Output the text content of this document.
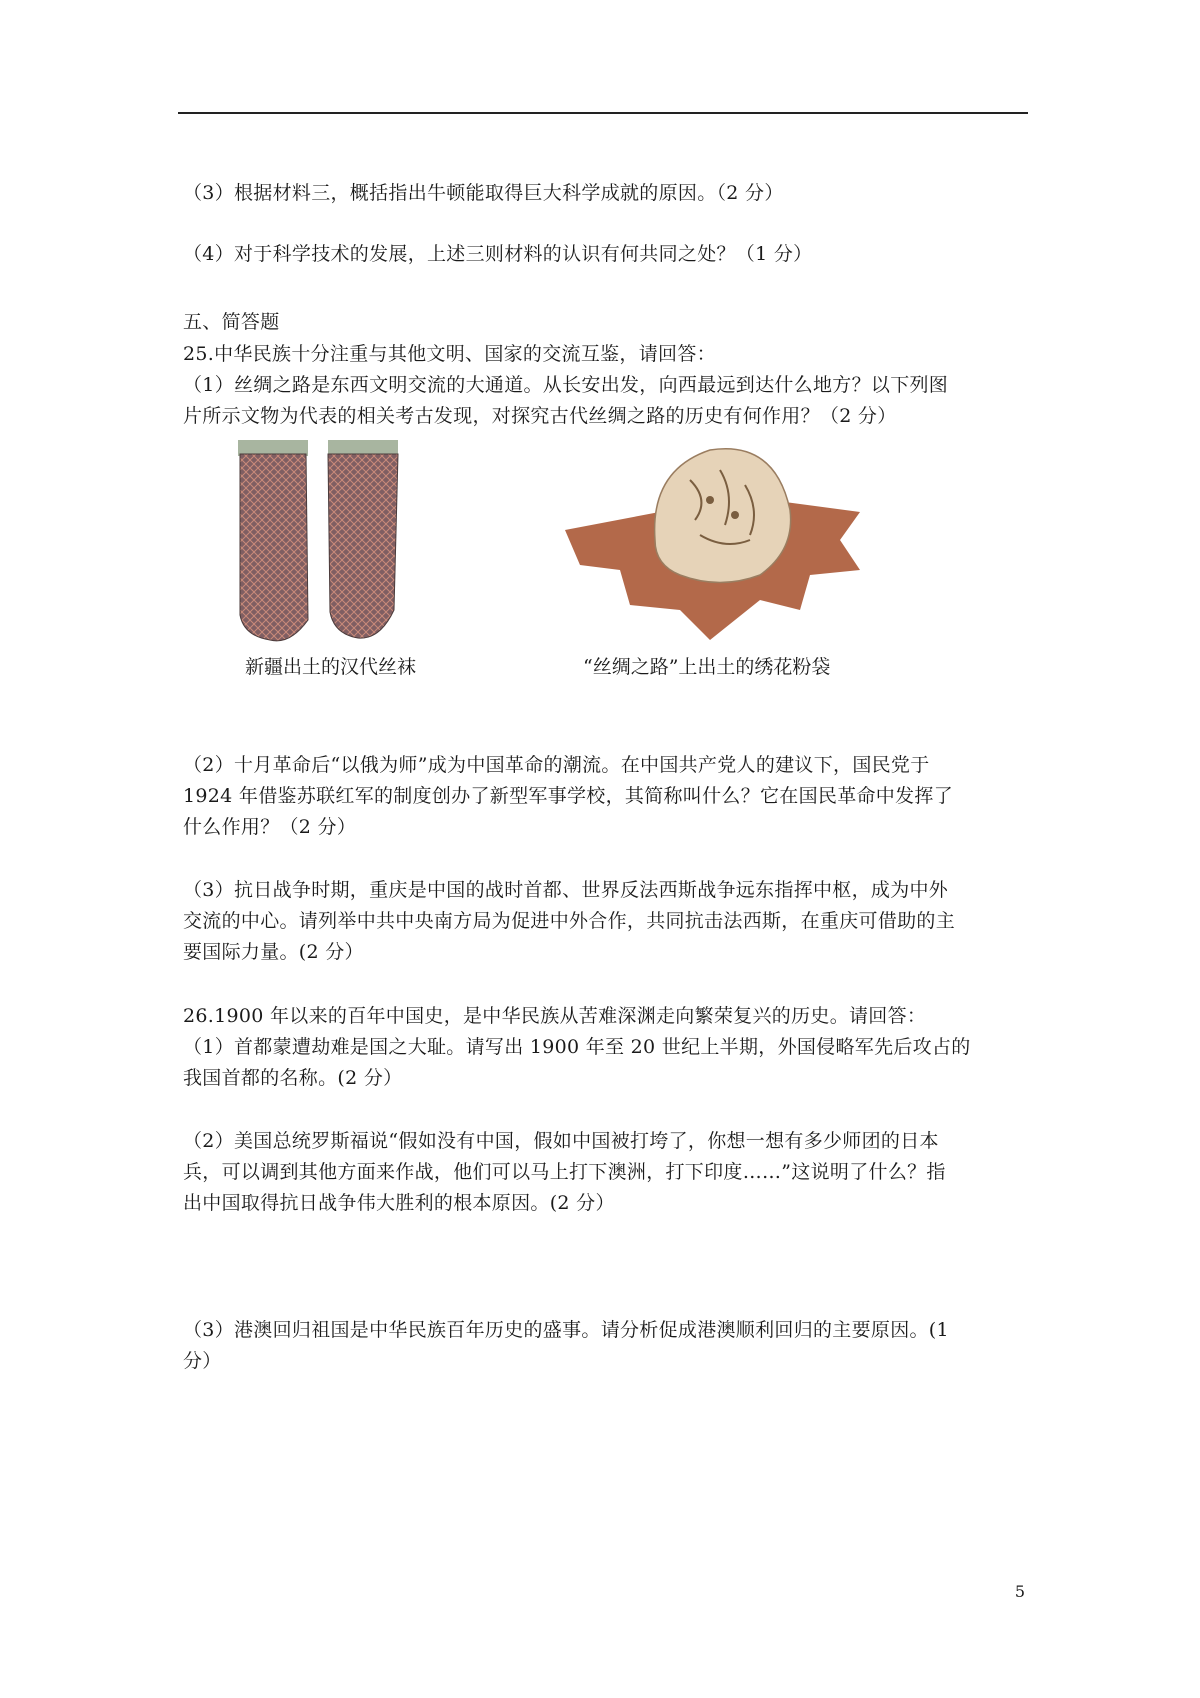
（3）根据材料三，概括指出牛顿能取得巨大科学成就的原因。（2 分）
（4）对于科学技术的发展，上述三则材料的认识有何共同之处？（1 分）
五、简答题
25.中华民族十分注重与其他文明、国家的交流互鉴，请回答：
（1）丝绸之路是东西文明交流的大通道。从长安出发，向西最远到达什么地方？以下列图
片所示文物为代表的相关考古发现，对探究古代丝绸之路的历史有何作用？（2 分）
新疆出土的汉代丝袜	“丝绸之路”上出土的绣花粉袋
（2）十月革命后“以俄为师”成为中国革命的潮流。在中国共产党人的建议下，国民党于
1924 年借鉴苏联红军的制度创办了新型军事学校，其简称叫什么？它在国民革命中发挥了
什么作用？（2 分）
（3）抗日战争时期，重庆是中国的战时首都、世界反法西斯战争远东指挥中枢，成为中外
交流的中心。请列举中共中央南方局为促进中外合作，共同抗击法西斯，在重庆可借助的主
要国际力量。(2 分）
26.1900 年以来的百年中国史，是中华民族从苦难深渊走向繁荣复兴的历史。请回答：
（1）首都蒙遭劫难是国之大耻。请写出 1900 年至 20 世纪上半期，外国侵略军先后攻占的
我国首都的名称。(2 分）
（2）美国总统罗斯福说“假如没有中国，假如中国被打垮了，你想一想有多少师团的日本
兵，可以调到其他方面来作战，他们可以马上打下澳洲，打下印度……”这说明了什么？指
出中国取得抗日战争伟大胜利的根本原因。(2 分）
（3）港澳回归祖国是中华民族百年历史的盛事。请分析促成港澳顺利回归的主要原因。(1
分）
5
